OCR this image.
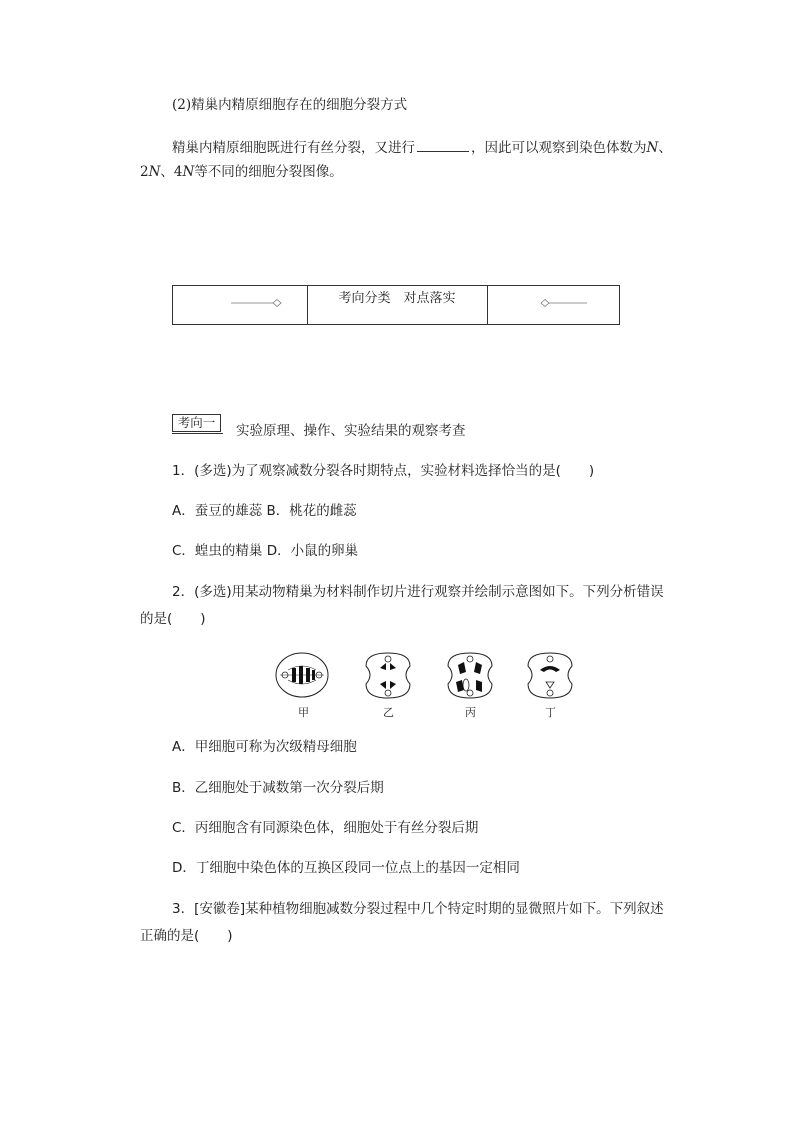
(2)精巢内精原细胞存在的细胞分裂方式
精巢内精原细胞既进行有丝分裂，又进行	，因此可以观察到染色体数为N、
2N、4N等不同的细胞分裂图像。
考向分类　对点落实
考向一
实验原理、操作、实验结果的观察考查
1．(多选)为了观察减数分裂各时期特点，实验材料选择恰当的是( )
A．蚕豆的雄蕊 B．桃花的雌蕊
C．蝗虫的精巢 D．小鼠的卵巢
2．(多选)用某动物精巢为材料制作切片进行观察并绘制示意图如下。下列分析错误
的是( )
甲	乙	丙	丁
A．甲细胞可称为次级精母细胞
B．乙细胞处于减数第一次分裂后期
C．丙细胞含有同源染色体，细胞处于有丝分裂后期
D．丁细胞中染色体的互换区段同一位点上的基因一定相同
3．[安徽卷]某种植物细胞减数分裂过程中几个特定时期的显微照片如下。下列叙述
正确的是( )
